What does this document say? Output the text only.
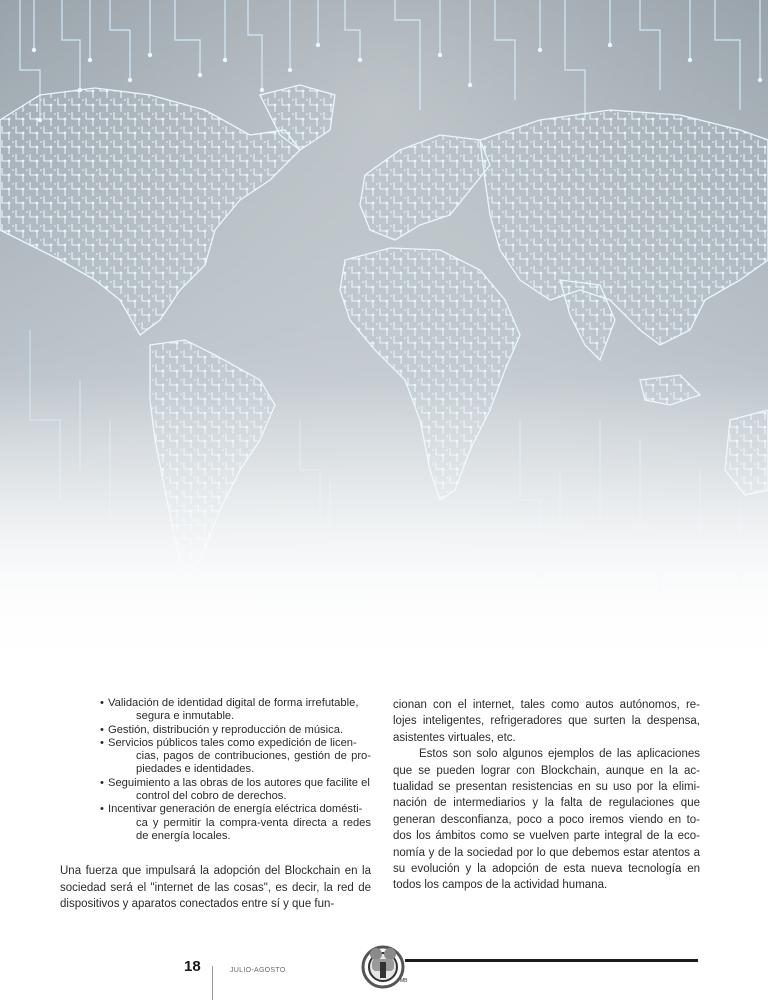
• Validación de identidad digital de forma irrefutable,
segura e inmutable.
• Gestión, distribución y reproducción de música.
• Servicios públicos tales como expedición de licen-
cias, pagos de contribuciones, gestión de pro- piedades e identidades.
• Seguimiento a las obras de los autores que facilite el
control del cobro de derechos.
• Incentivar generación de energía eléctrica domésti-
ca y permitir la compra-venta directa a redes de energía locales.

Una fuerza que impulsará la adopción del Blockchain en la sociedad será el "internet de las cosas", es decir, la red de dispositivos y aparatos conectados entre sí y que fun-

cionan con el internet, tales como autos autónomos, re- lojes inteligentes, refrigeradores que surten la despensa, asistentes virtuales, etc.

Estos son solo algunos ejemplos de las aplicaciones que se pueden lograr con Blockchain, aunque en la ac- tualidad se presentan resistencias en su uso por la elimi- nación de intermediarios y la falta de regulaciones que generan desconfianza, poco a poco iremos viendo en to- dos los ámbitos como se vuelven parte integral de la eco- nomía y de la sociedad por lo que debemos estar atentos a su evolución y la adopción de esta nueva tecnología en todos los campos de la actividad humana.

18	JULIO-AGOSTO
MB
